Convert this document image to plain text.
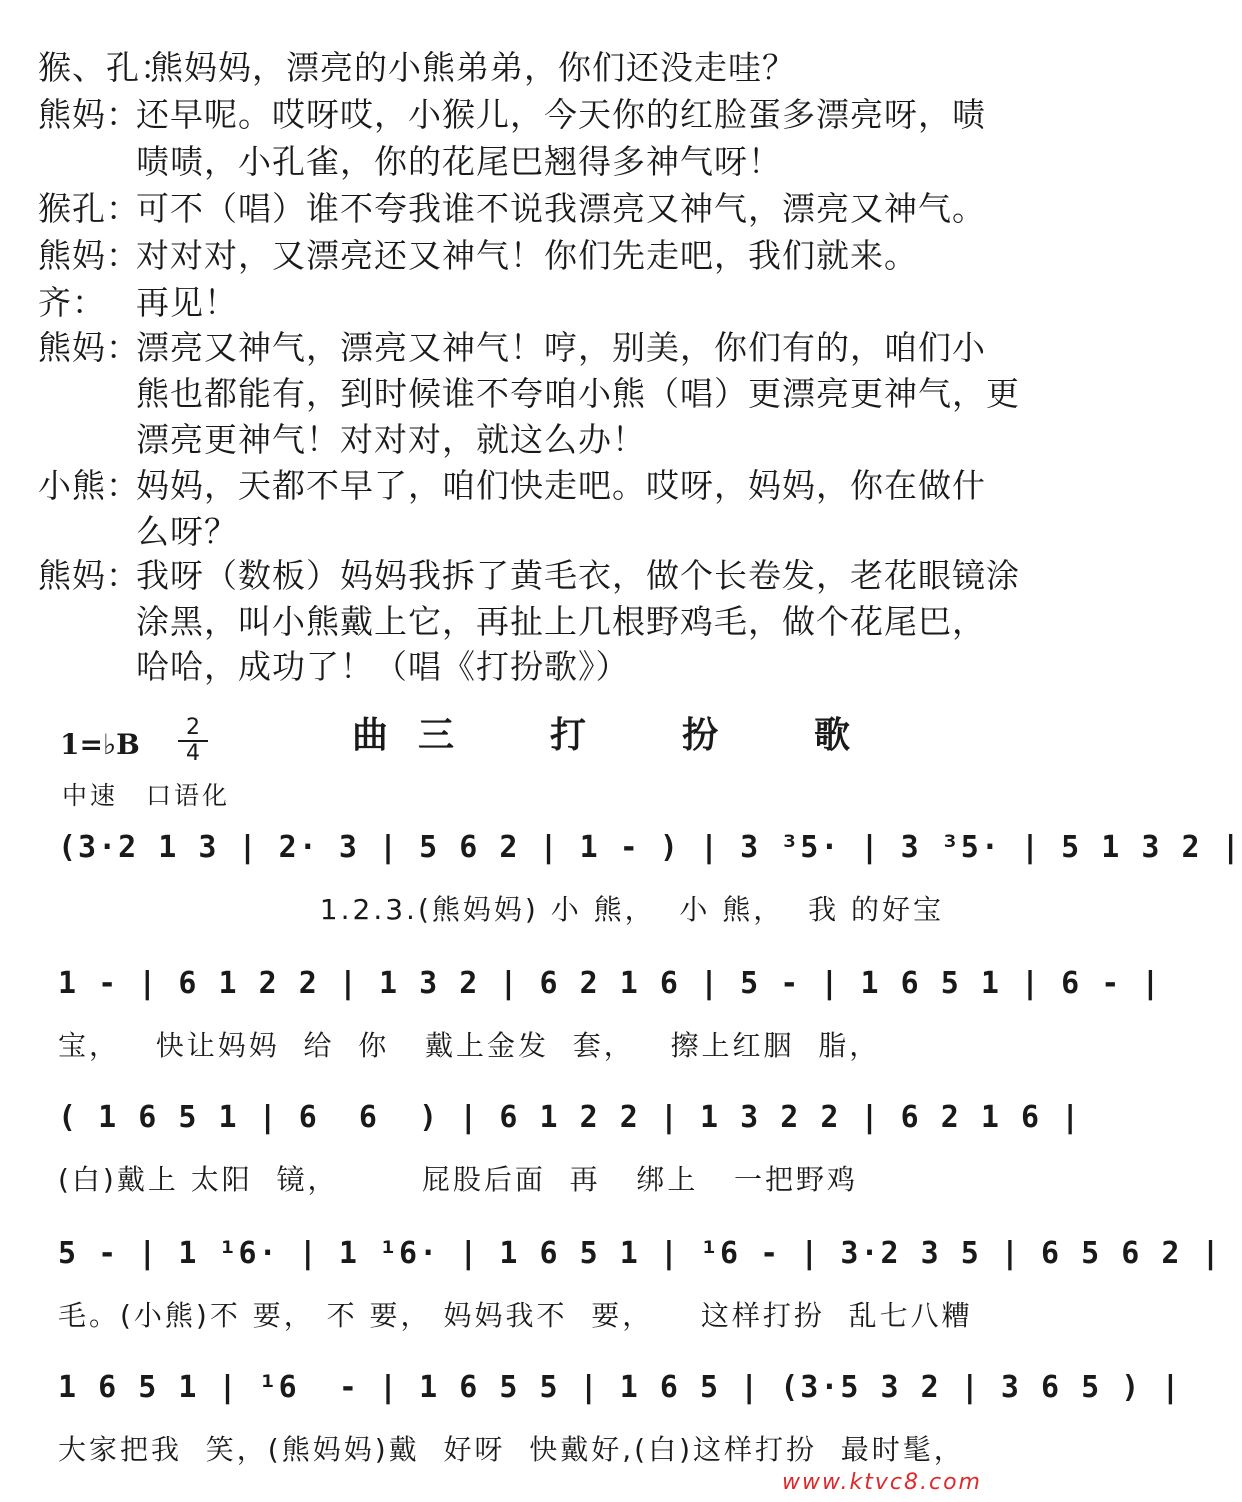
猴、孔：
熊妈妈，漂亮的小熊弟弟，你们还没走哇？
熊妈：
还早呢。哎呀哎，小猴儿，今天你的红脸蛋多漂亮呀，啧
啧啧，小孔雀，你的花尾巴翘得多神气呀！
猴孔：
可不（唱）谁不夸我谁不说我漂亮又神气，漂亮又神气。
熊妈：
对对对，又漂亮还又神气！你们先走吧，我们就来。
齐： 再见！
熊妈：
漂亮又神气，漂亮又神气！哼，别美，你们有的，咱们小
熊也都能有，到时候谁不夸咱小熊（唱）更漂亮更神气，更
漂亮更神气！对对对，就这么办！
小熊：
妈妈，天都不早了，咱们快走吧。哎呀，妈妈，你在做什
么呀？
熊妈：
我呀（数板）妈妈我拆了黄毛衣，做个长卷发，老花眼镜涂
涂黑，叫小熊戴上它，再扯上几根野鸡毛，做个花尾巴，
哈哈，成功了！（唱《打扮歌》）
1=♭B
2
4	曲三　打　扮　歌
中速　口语化
(3·2 1 3 | 2· 3 | 5 6 2 | 1 - ) | 3 ³5· | 3 ³5· | 5 1 3 2 |
1.2.3.(熊妈妈) 小 熊，  小 熊，  我 的好宝
1 - | 6 1 2 2 | 1 3 2 | 6 2 1 6 | 5 - | 1 6 5 1 | 6 - |
宝，   快让妈妈  给  你   戴上金发  套，   擦上红胭  脂，
( 1 6 5 1 | 6  6  ) | 6 1 2 2 | 1 3 2 2 | 6 2 1 6 |
(白)戴上 太阳  镜，       屁股后面  再   绑上   一把野鸡
5 - | 1 ¹6· | 1 ¹6· | 1 6 5 1 | ¹6 - | 3·2 3 5 | 6 5 6 2 |
毛。(小熊)不 要， 不 要， 妈妈我不  要，    这样打扮  乱七八糟
1 6 5 1 | ¹6  - | 1 6 5 5 | 1 6 5 | (3·5 3 2 | 3 6 5 ) |
大家把我  笑，(熊妈妈)戴  好呀  快戴好,(白)这样打扮  最时髦，
www.ktvc8.com
